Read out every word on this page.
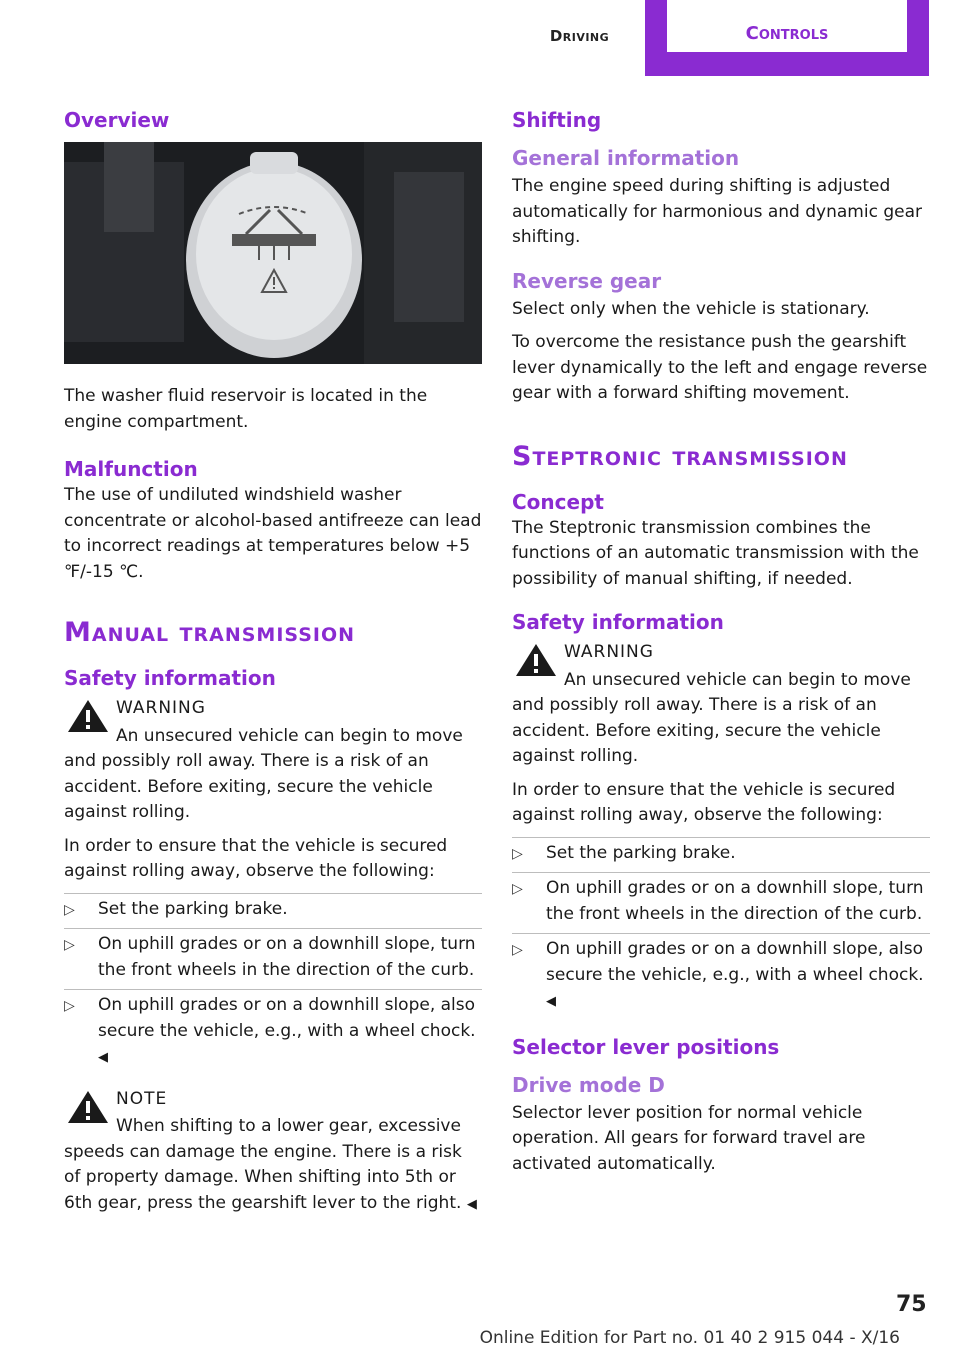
Driving	Controls
Overview

The washer fluid reservoir is located in the engine compartment.

Malfunction

The use of undiluted windshield washer concentrate or alcohol-based antifreeze can lead to incorrect readings at temperatures below +5 ℉/-15 ℃.

Manual transmission
Safety information
WARNING

An unsecured vehicle can begin to move and possibly roll away. There is a risk of an accident. Before exiting, secure the vehicle against rolling.

In order to ensure that the vehicle is secured against rolling away, observe the following:

▷ Set the parking brake.
▷ On uphill grades or on a downhill slope, turn the front wheels in the direction of the curb.
▷ On uphill grades or on a downhill slope, also secure the vehicle, e.g., with a wheel chock. ◀
NOTE

When shifting to a lower gear, excessive speeds can damage the engine. There is a risk of property damage. When shifting into 5th or 6th gear, press the gearshift lever to the right. ◀

Shifting
General information

The engine speed during shifting is adjusted automatically for harmonious and dynamic gear shifting.

Reverse gear

Select only when the vehicle is stationary.

To overcome the resistance push the gearshift lever dynamically to the left and engage reverse gear with a forward shifting movement.

Steptronic transmission
Concept

The Steptronic transmission combines the functions of an automatic transmission with the possibility of manual shifting, if needed.

Safety information
WARNING

An unsecured vehicle can begin to move and possibly roll away. There is a risk of an accident. Before exiting, secure the vehicle against rolling.

In order to ensure that the vehicle is secured against rolling away, observe the following:

▷ Set the parking brake.
▷ On uphill grades or on a downhill slope, turn the front wheels in the direction of the curb.
▷ On uphill grades or on a downhill slope, also secure the vehicle, e.g., with a wheel chock. ◀
Selector lever positions
Drive mode D

Selector lever position for normal vehicle operation. All gears for forward travel are activated automatically.

75
Online Edition for Part no. 01 40 2 915 044 - X/16
